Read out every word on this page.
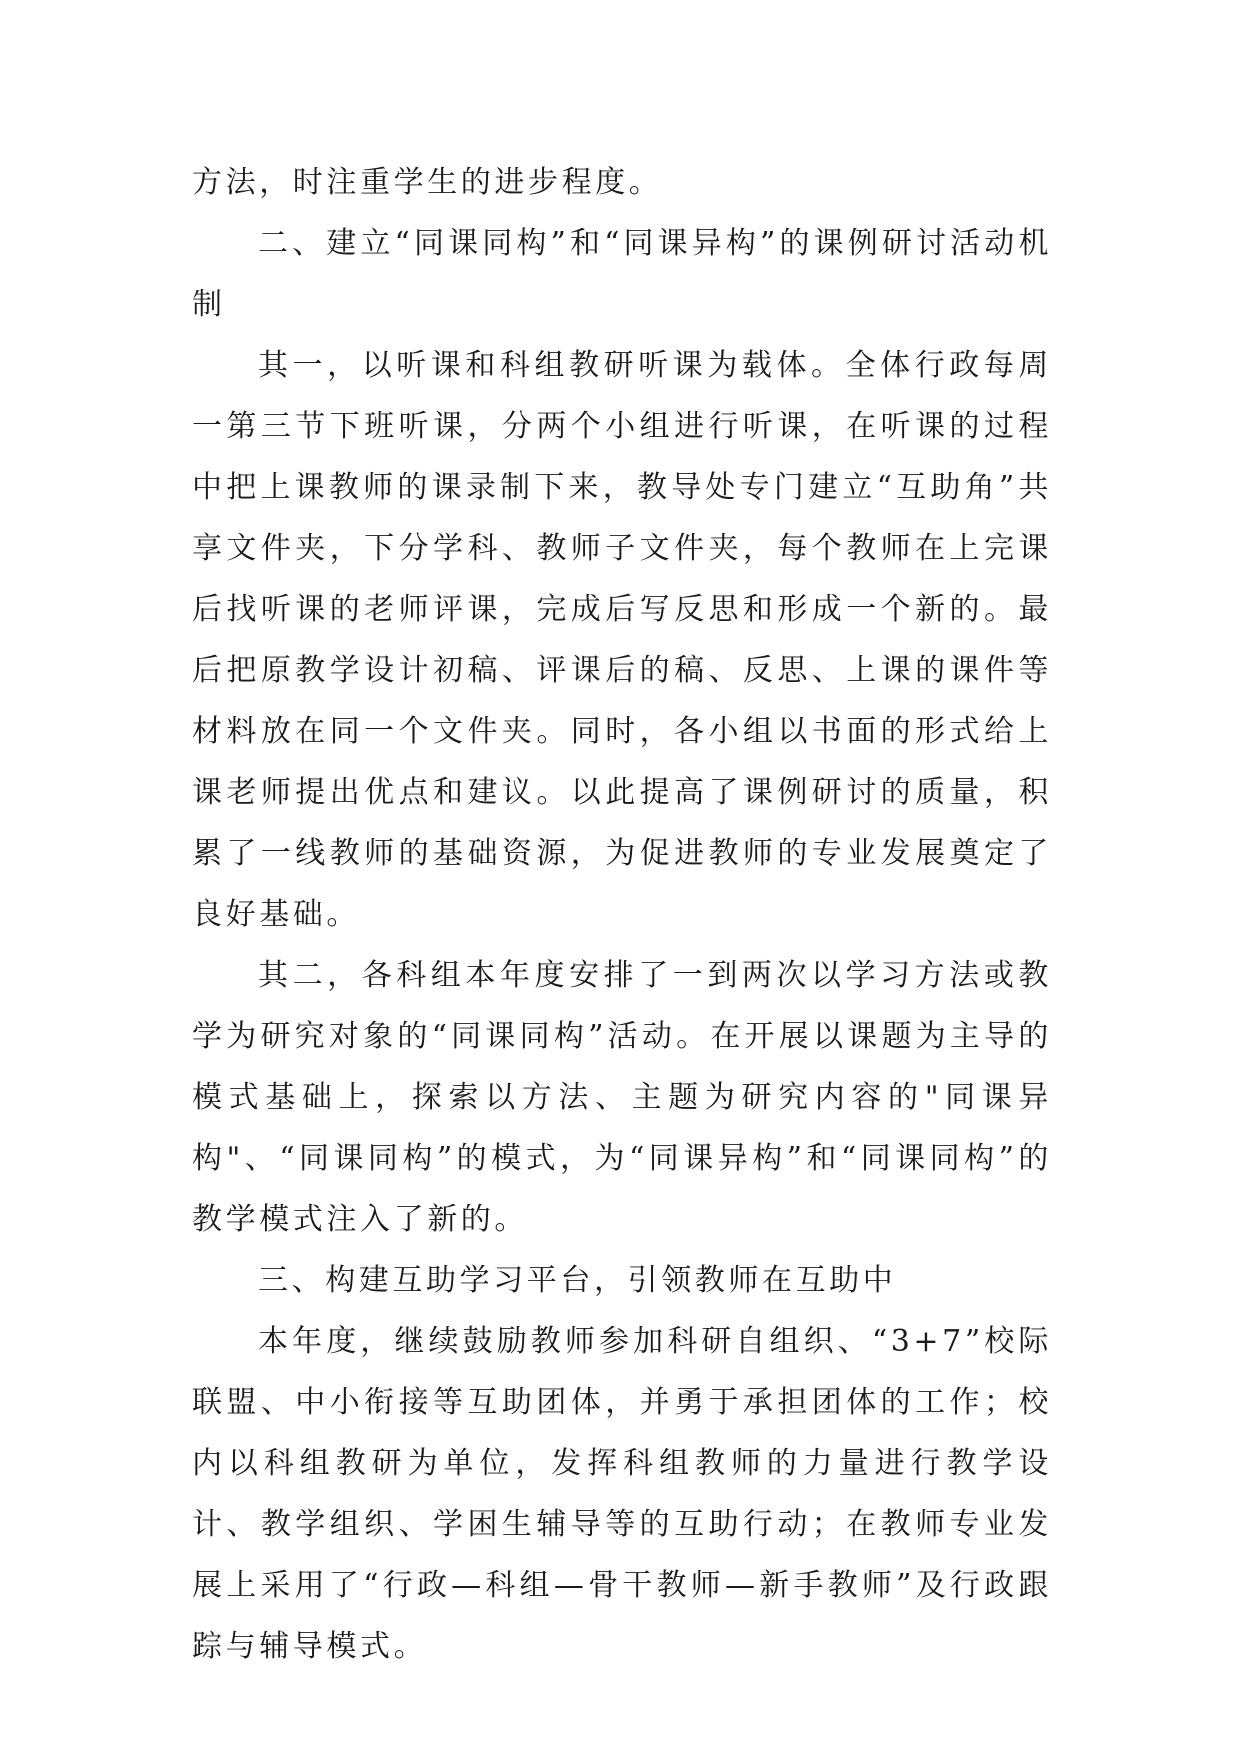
方法，时注重学生的进步程度。

二、建立“同课同构”和“同课异构”的课例研讨活动机制

其一，以听课和科组教研听课为载体。全体行政每周一第三节下班听课，分两个小组进行听课，在听课的过程中把上课教师的课录制下来，教导处专门建立“互助角”共享文件夹，下分学科、教师子文件夹，每个教师在上完课后找听课的老师评课，完成后写反思和形成一个新的。最后把原教学设计初稿、评课后的稿、反思、上课的课件等材料放在同一个文件夹。同时，各小组以书面的形式给上课老师提出优点和建议。以此提高了课例研讨的质量，积累了一线教师的基础资源，为促进教师的专业发展奠定了良好基础。

其二，各科组本年度安排了一到两次以学习方法或教学为研究对象的“同课同构”活动。在开展以课题为主导的模式基础上，探索以方法、主题为研究内容的"同课异构"、“同课同构”的模式，为“同课异构”和“同课同构”的教学模式注入了新的。

三、构建互助学习平台，引领教师在互助中

本年度，继续鼓励教师参加科研自组织、“3+7”校际联盟、中小衔接等互助团体，并勇于承担团体的工作；校内以科组教研为单位，发挥科组教师的力量进行教学设计、教学组织、学困生辅导等的互助行动；在教师专业发展上采用了“行政—科组—骨干教师—新手教师”及行政跟踪与辅导模式。
